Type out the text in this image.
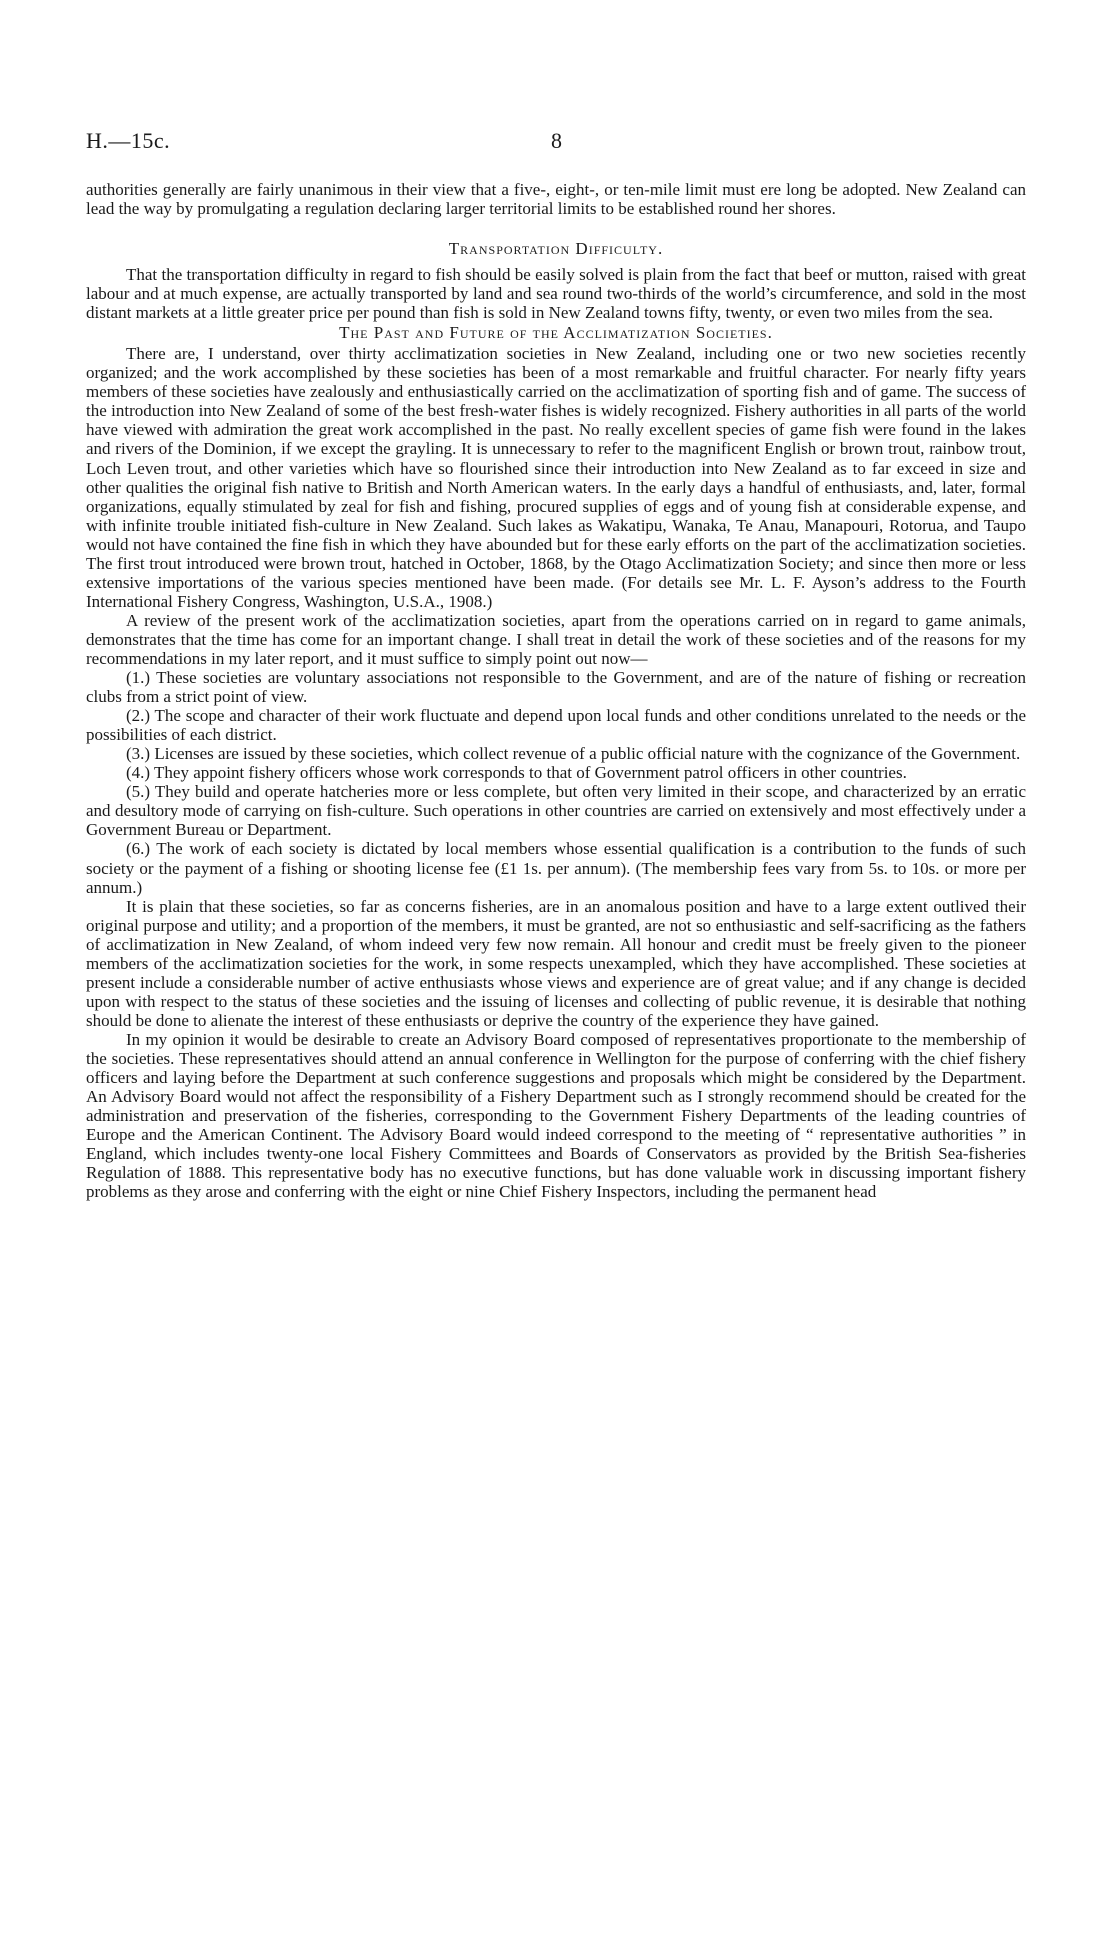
H.—15c.	8

authorities generally are fairly unanimous in their view that a five-, eight-, or ten-mile limit must ere long be adopted. New Zealand can lead the way by promulgating a regulation declaring larger territorial limits to be established round her shores.

Transportation Difficulty.

That the transportation difficulty in regard to fish should be easily solved is plain from the fact that beef or mutton, raised with great labour and at much expense, are actually transported by land and sea round two-thirds of the world’s circumference, and sold in the most distant markets at a little greater price per pound than fish is sold in New Zealand towns fifty, twenty, or even two miles from the sea.

The Past and Future of the Acclimatization Societies.

There are, I understand, over thirty acclimatization societies in New Zealand, including one or two new societies recently organized; and the work accomplished by these societies has been of a most remarkable and fruitful character. For nearly fifty years members of these societies have zealously and enthusiastically carried on the acclimatization of sporting fish and of game. The success of the introduction into New Zealand of some of the best fresh-water fishes is widely recognized. Fishery authorities in all parts of the world have viewed with admiration the great work accomplished in the past. No really excellent species of game fish were found in the lakes and rivers of the Dominion, if we except the grayling. It is unnecessary to refer to the magnificent English or brown trout, rainbow trout, Loch Leven trout, and other varieties which have so flourished since their introduction into New Zealand as to far exceed in size and other qualities the original fish native to British and North American waters. In the early days a handful of enthusiasts, and, later, formal organizations, equally stimulated by zeal for fish and fishing, procured supplies of eggs and of young fish at considerable expense, and with infinite trouble initiated fish-culture in New Zealand. Such lakes as Wakatipu, Wanaka, Te Anau, Manapouri, Rotorua, and Taupo would not have contained the fine fish in which they have abounded but for these early efforts on the part of the acclimatization societies. The first trout introduced were brown trout, hatched in October, 1868, by the Otago Acclimatization Society; and since then more or less extensive importations of the various species mentioned have been made. (For details see Mr. L. F. Ayson’s address to the Fourth International Fishery Congress, Washington, U.S.A., 1908.)

A review of the present work of the acclimatization societies, apart from the operations carried on in regard to game animals, demonstrates that the time has come for an important change. I shall treat in detail the work of these societies and of the reasons for my recommendations in my later report, and it must suffice to simply point out now—

(1.) These societies are voluntary associations not responsible to the Government, and are of the nature of fishing or recreation clubs from a strict point of view.

(2.) The scope and character of their work fluctuate and depend upon local funds and other conditions unrelated to the needs or the possibilities of each district.

(3.) Licenses are issued by these societies, which collect revenue of a public official nature with the cognizance of the Government.

(4.) They appoint fishery officers whose work corresponds to that of Government patrol officers in other countries.

(5.) They build and operate hatcheries more or less complete, but often very limited in their scope, and characterized by an erratic and desultory mode of carrying on fish-culture. Such operations in other countries are carried on extensively and most effectively under a Government Bureau or Department.

(6.) The work of each society is dictated by local members whose essential qualification is a contribution to the funds of such society or the payment of a fishing or shooting license fee (£1 1s. per annum). (The membership fees vary from 5s. to 10s. or more per annum.)

It is plain that these societies, so far as concerns fisheries, are in an anomalous position and have to a large extent outlived their original purpose and utility; and a proportion of the members, it must be granted, are not so enthusiastic and self-sacrificing as the fathers of acclimatization in New Zealand, of whom indeed very few now remain. All honour and credit must be freely given to the pioneer members of the acclimatization societies for the work, in some respects unexampled, which they have accomplished. These societies at present include a considerable number of active enthusiasts whose views and experience are of great value; and if any change is decided upon with respect to the status of these societies and the issuing of licenses and collecting of public revenue, it is desirable that nothing should be done to alienate the interest of these enthusiasts or deprive the country of the experience they have gained.

In my opinion it would be desirable to create an Advisory Board composed of representatives proportionate to the membership of the societies. These representatives should attend an annual conference in Wellington for the purpose of conferring with the chief fishery officers and laying before the Department at such conference suggestions and proposals which might be considered by the Department. An Advisory Board would not affect the responsibility of a Fishery Department such as I strongly recommend should be created for the administration and preservation of the fisheries, corresponding to the Government Fishery Departments of the leading countries of Europe and the American Continent. The Advisory Board would indeed correspond to the meeting of “ representative authorities ” in England, which includes twenty-one local Fishery Committees and Boards of Conservators as provided by the British Sea-fisheries Regulation of 1888. This representative body has no executive functions, but has done valuable work in discussing important fishery problems as they arose and conferring with the eight or nine Chief Fishery Inspectors, including the permanent head
